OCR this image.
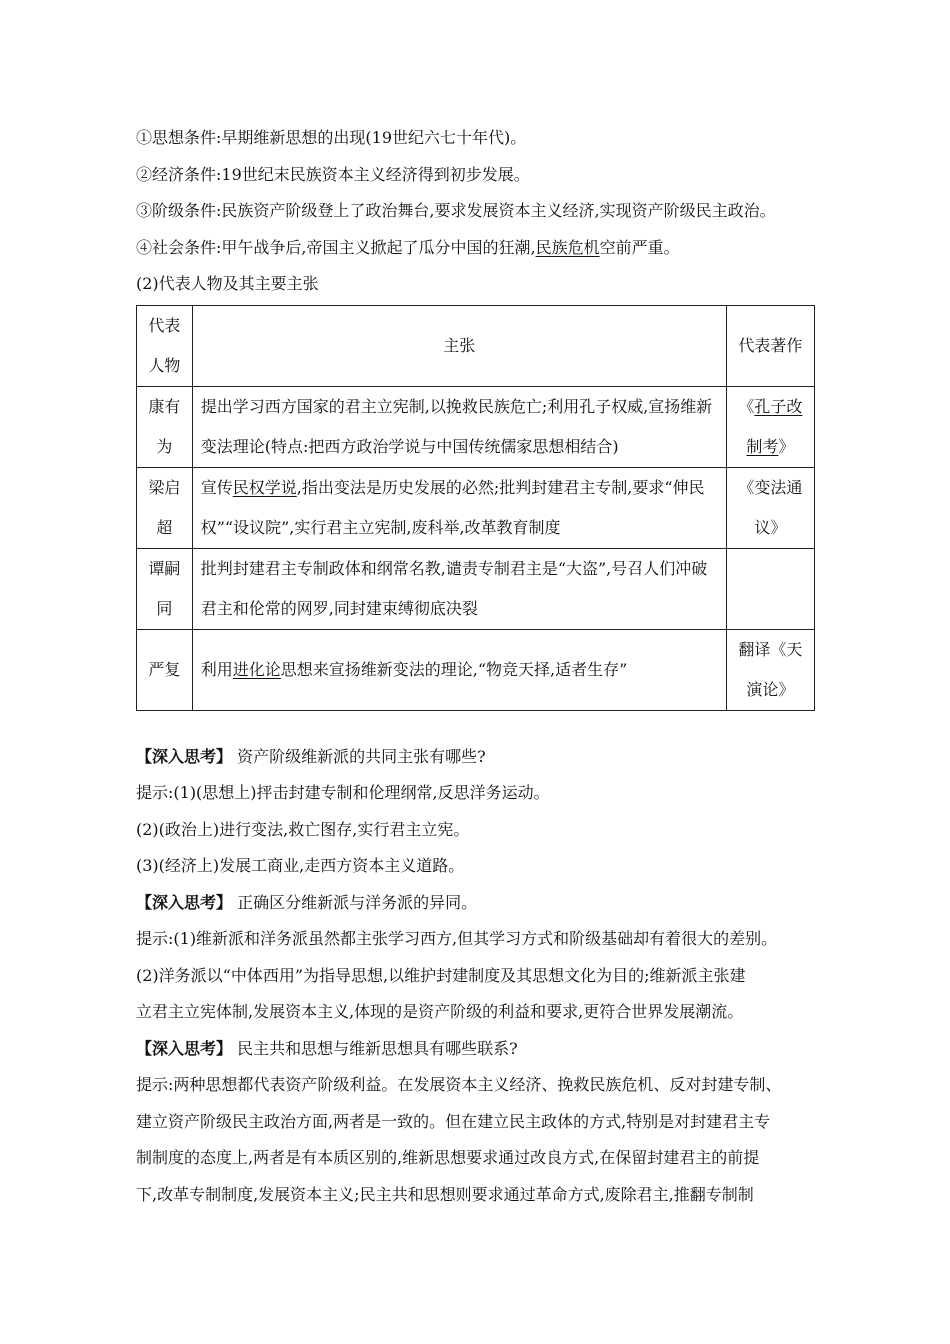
①思想条件:早期维新思想的出现(19世纪六七十年代)。
②经济条件:19世纪末民族资本主义经济得到初步发展。
③阶级条件:民族资产阶级登上了政治舞台,要求发展资本主义经济,实现资产阶级民主政治。
④社会条件:甲午战争后,帝国主义掀起了瓜分中国的狂潮,民族危机空前严重。
(2)代表人物及其主要主张
代表人物	主张	代表著作
康有为	提出学习西方国家的君主立宪制,以挽救民族危亡;利用孔子权威,宣扬维新变法理论(特点:把西方政治学说与中国传统儒家思想相结合)	《孔子改制考》
梁启超	宣传民权学说,指出变法是历史发展的必然;批判封建君主专制,要求“伸民权”“设议院”,实行君主立宪制,废科举,改革教育制度	《变法通议》
谭嗣同	批判封建君主专制政体和纲常名教,谴责专制君主是“大盗”,号召人们冲破君主和伦常的网罗,同封建束缚彻底决裂	
严复	利用进化论思想来宣扬维新变法的理论,“物竞天择,适者生存”	翻译《天演论》
【深入思考】 资产阶级维新派的共同主张有哪些?
提示:(1)(思想上)抨击封建专制和伦理纲常,反思洋务运动。
(2)(政治上)进行变法,救亡图存,实行君主立宪。
(3)(经济上)发展工商业,走西方资本主义道路。
【深入思考】 正确区分维新派与洋务派的异同。
提示:(1)维新派和洋务派虽然都主张学习西方,但其学习方式和阶级基础却有着很大的差别。
(2)洋务派以“中体西用”为指导思想,以维护封建制度及其思想文化为目的;维新派主张建
立君主立宪体制,发展资本主义,体现的是资产阶级的利益和要求,更符合世界发展潮流。
【深入思考】 民主共和思想与维新思想具有哪些联系?
提示:两种思想都代表资产阶级利益。在发展资本主义经济、挽救民族危机、反对封建专制、
建立资产阶级民主政治方面,两者是一致的。但在建立民主政体的方式,特别是对封建君主专
制制度的态度上,两者是有本质区别的,维新思想要求通过改良方式,在保留封建君主的前提
下,改革专制制度,发展资本主义;民主共和思想则要求通过革命方式,废除君主,推翻专制制
